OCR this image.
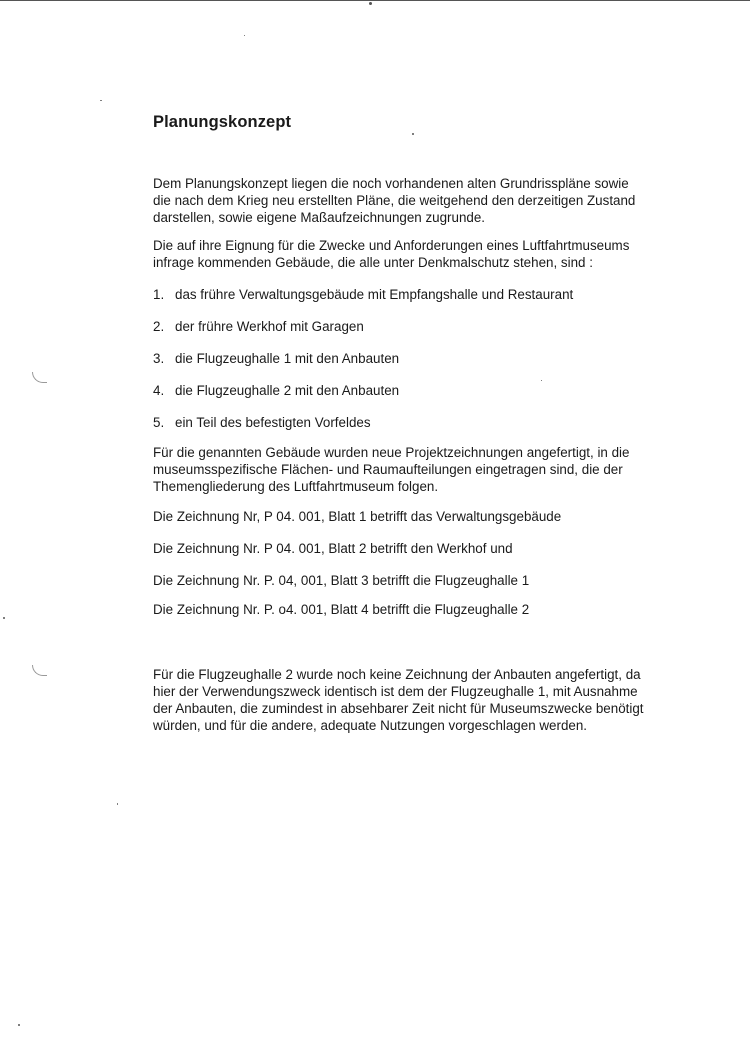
Planungskonzept
Dem Planungskonzept liegen die noch vorhandenen alten Grundrisspläne sowie
die nach dem Krieg neu erstellten Pläne, die weitgehend den derzeitigen Zustand
darstellen, sowie eigene Maßaufzeichnungen zugrunde.
Die auf ihre Eignung für die Zwecke und Anforderungen eines Luftfahrtmuseums
infrage kommenden Gebäude, die alle unter Denkmalschutz stehen, sind :
1. das frühre Verwaltungsgebäude mit Empfangshalle und Restaurant
2. der frühre Werkhof mit Garagen
3. die Flugzeughalle 1 mit den Anbauten
4. die Flugzeughalle 2 mit den Anbauten
5. ein Teil des befestigten Vorfeldes
Für die genannten Gebäude wurden neue Projektzeichnungen angefertigt, in die
museumsspezifische Flächen- und Raumaufteilungen eingetragen sind, die der
Themengliederung des Luftfahrtmuseum folgen.
Die Zeichnung Nr, P 04. 001, Blatt 1 betrifft das Verwaltungsgebäude
Die Zeichnung Nr. P 04. 001, Blatt 2 betrifft den Werkhof und
Die Zeichnung Nr. P. 04, 001, Blatt 3 betrifft die Flugzeughalle 1
Die Zeichnung Nr. P. o4. 001, Blatt 4 betrifft die Flugzeughalle 2
Für die Flugzeughalle 2 wurde noch keine Zeichnung der Anbauten angefertigt, da
hier der Verwendungszweck identisch ist dem der Flugzeughalle 1, mit Ausnahme
der Anbauten, die zumindest in absehbarer Zeit nicht für Museumszwecke benötigt
würden, und für die andere, adequate Nutzungen vorgeschlagen werden.
